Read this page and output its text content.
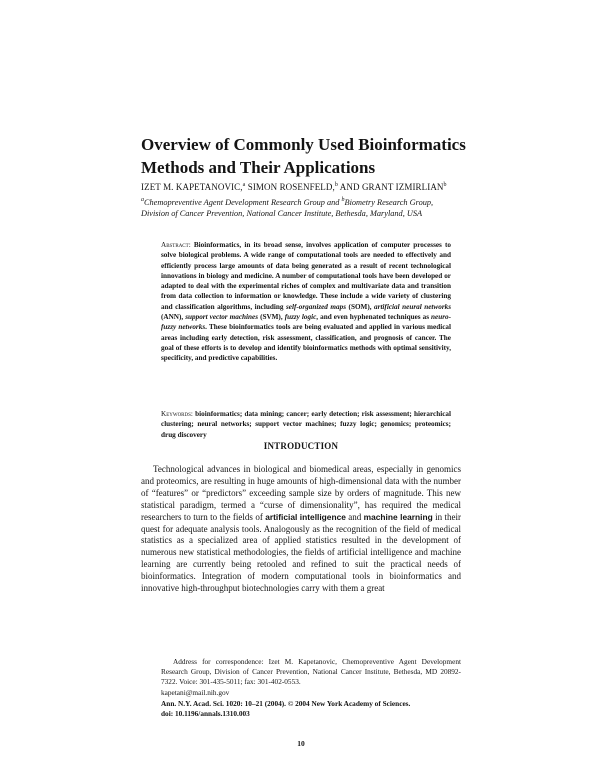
Overview of Commonly Used Bioinformatics
Methods and Their Applications
IZET M. KAPETANOVIC,$^a$ SIMON ROSENFELD,$^b$ AND GRANT IZMIRLIAN$^b$
$^a$Chemopreventive Agent Development Research Group and $^b$Biometry Research Group,
Division of Cancer Prevention, National Cancer Institute, Bethesda, Maryland, USA
Abstract: Bioinformatics, in its broad sense, involves application of computer processes to solve biological problems. A wide range of computational tools are needed to effectively and efficiently process large amounts of data being generated as a result of recent technological innovations in biology and medicine. A number of computational tools have been developed or adapted to deal with the experimental riches of complex and multivariate data and transition from data collection to information or knowledge. These include a wide variety of clustering and classification algorithms, including self-organized maps (SOM), artificial neural networks (ANN), support vector machines (SVM), fuzzy logic, and even hyphenated techniques as neuro-fuzzy networks. These bioinformatics tools are being evaluated and applied in various medical areas including early detection, risk assessment, classification, and prognosis of cancer. The goal of these efforts is to develop and identify bioinformatics methods with optimal sensitivity, specificity, and predictive capabilities.
Keywords: bioinformatics; data mining; cancer; early detection; risk assessment; hierarchical clustering; neural networks; support vector machines; fuzzy logic; genomics; proteomics; drug discovery
INTRODUCTION
Technological advances in biological and biomedical areas, especially in genomics and proteomics, are resulting in huge amounts of high-dimensional data with the number of “features” or “predictors” exceeding sample size by orders of magnitude. This new statistical paradigm, termed a “curse of dimensionality”, has required the medical researchers to turn to the fields of artificial intelligence and machine learning in their quest for adequate analysis tools. Analogously as the recognition of the field of medical statistics as a specialized area of applied statistics resulted in the development of numerous new statistical methodologies, the fields of artificial intelligence and machine learning are currently being retooled and refined to suit the practical needs of bioinformatics. Integration of modern computational tools in bioinformatics and innovative high-throughput biotechnologies carry with them a great
Address for correspondence: Izet M. Kapetanovic, Chemopreventive Agent Development Research Group, Division of Cancer Prevention, National Cancer Institute, Bethesda, MD 20892-7322. Voice: 301-435-5011; fax: 301-402-0553.
kapetani@mail.nih.gov
Ann. N.Y. Acad. Sci. 1020: 10–21 (2004). © 2004 New York Academy of Sciences.
doi: 10.1196/annals.1310.003
10
